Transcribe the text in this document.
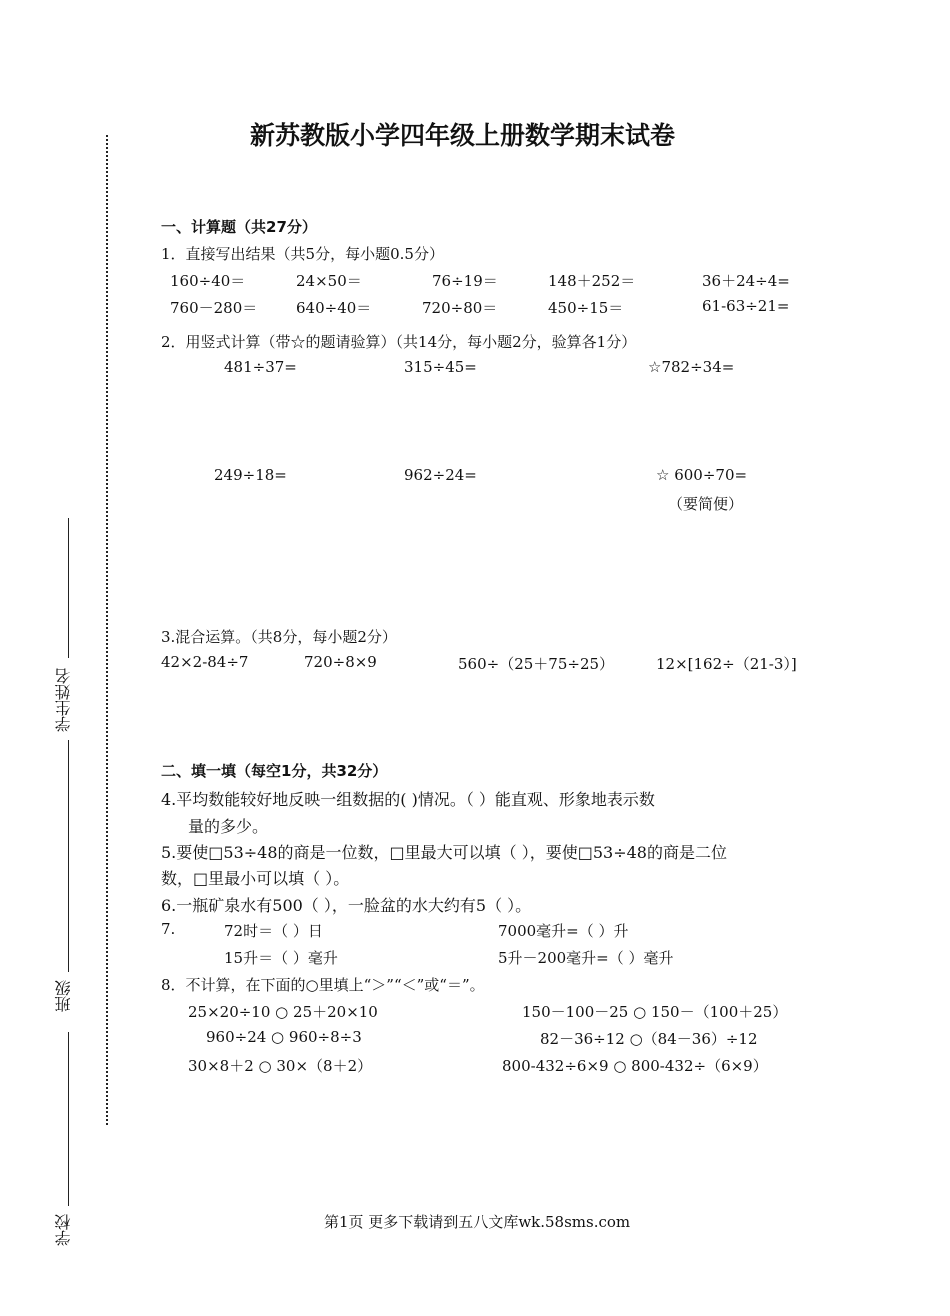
学校
班级
学生姓名
新苏教版小学四年级上册数学期末试卷
一、计算题（共27分）
1．直接写出结果（共5分，每小题0.5分）
160÷40＝	24×50＝	76÷19＝	148＋252＝	36＋24÷4=
760－280＝	640÷40＝	720÷80＝	450÷15＝	61-63÷21=
2．用竖式计算（带☆的题请验算）（共14分，每小题2分，验算各1分）
481÷37=	315÷45=	☆782÷34=
249÷18=	962÷24=	☆ 600÷70=
（要简便）
3.混合运算。（共8分，每小题2分）
42×2-84÷7	720÷8×9	560÷（25＋75÷25）	12×[162÷（21-3）]
二、填一填（每空1分，共32分）
4.平均数能较好地反映一组数据的( )情况。（ ）能直观、形象地表示数
量的多少。
5.要使□53÷48的商是一位数，□里最大可以填（ ），要使□53÷48的商是二位
数，□里最小可以填（ ）。
6.一瓶矿泉水有500（ ），一脸盆的水大约有5（ ）。
7.	72时＝（ ）日	7000毫升=（ ）升
15升＝（ ）毫升	5升－200毫升=（ ）毫升
8．不计算，在下面的○里填上“＞”“＜”或“＝”。
25×20÷10 ○ 25＋20×10	150－100－25 ○ 150－（100＋25）
960÷24 ○ 960÷8÷3	82－36÷12 ○（84－36）÷12
30×8＋2 ○ 30×（8＋2）	800-432÷6×9 ○ 800-432÷（6×9）
第1页 更多下载请到五八文库wk.58sms.com
